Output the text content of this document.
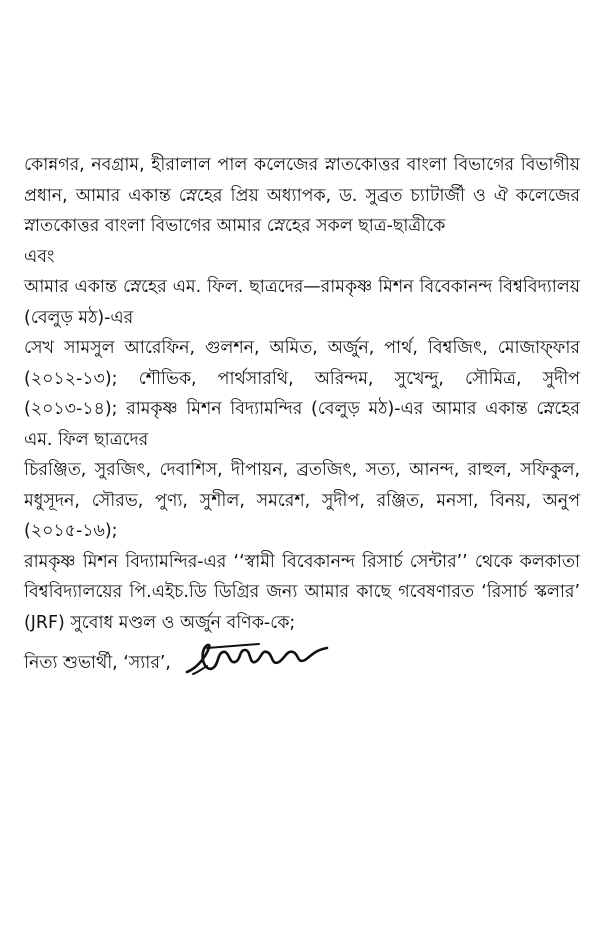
কোন্নগর, নবগ্রাম, হীরালাল পাল কলেজের স্নাতকোত্তর বাংলা বিভাগের বিভাগীয় প্রধান, আমার একান্ত স্নেহের প্রিয় অধ্যাপক, ড. সুব্রত চ্যাটার্জী ও ঐ কলেজের স্নাতকোত্তর বাংলা বিভাগের আমার স্নেহের সকল ছাত্র-ছাত্রীকে

এবং

আমার একান্ত স্নেহের এম. ফিল. ছাত্রদের—রামকৃষ্ণ মিশন বিবেকানন্দ বিশ্ববিদ্যালয় (বেলুড় মঠ)-এর

সেখ সামসুল আরেফিন, গুলশন, অমিত, অর্জুন, পার্থ, বিশ্বজিৎ, মোজাফ্ফার (২০১২-১৩); শৌভিক, পার্থসারথি, অরিন্দম, সুখেন্দু, সৌমিত্র, সুদীপ (২০১৩-১৪); রামকৃষ্ণ মিশন বিদ্যামন্দির (বেলুড় মঠ)-এর আমার একান্ত স্নেহের এম. ফিল ছাত্রদের

চিরঞ্জিত, সুরজিৎ, দেবাশিস, দীপায়ন, ব্রতজিৎ, সত্য, আনন্দ, রাহুল, সফিকুল, মধুসূদন, সৌরভ, পুণ্য, সুশীল, সমরেশ, সুদীপ, রঞ্জিত, মনসা, বিনয়, অনুপ (২০১৫-১৬);

রামকৃষ্ণ মিশন বিদ্যামন্দির-এর ‘‘স্বামী বিবেকানন্দ রিসার্চ সেন্টার’’ থেকে কলকাতা বিশ্ববিদ্যালয়ের পি.এইচ.ডি ডিগ্রির জন্য আমার কাছে গবেষণারত ‘রিসার্চ স্কলার’ (JRF) সুবোধ মণ্ডল ও অর্জুন বণিক-কে;

নিত্য শুভার্থী, ‘স্যার’,
